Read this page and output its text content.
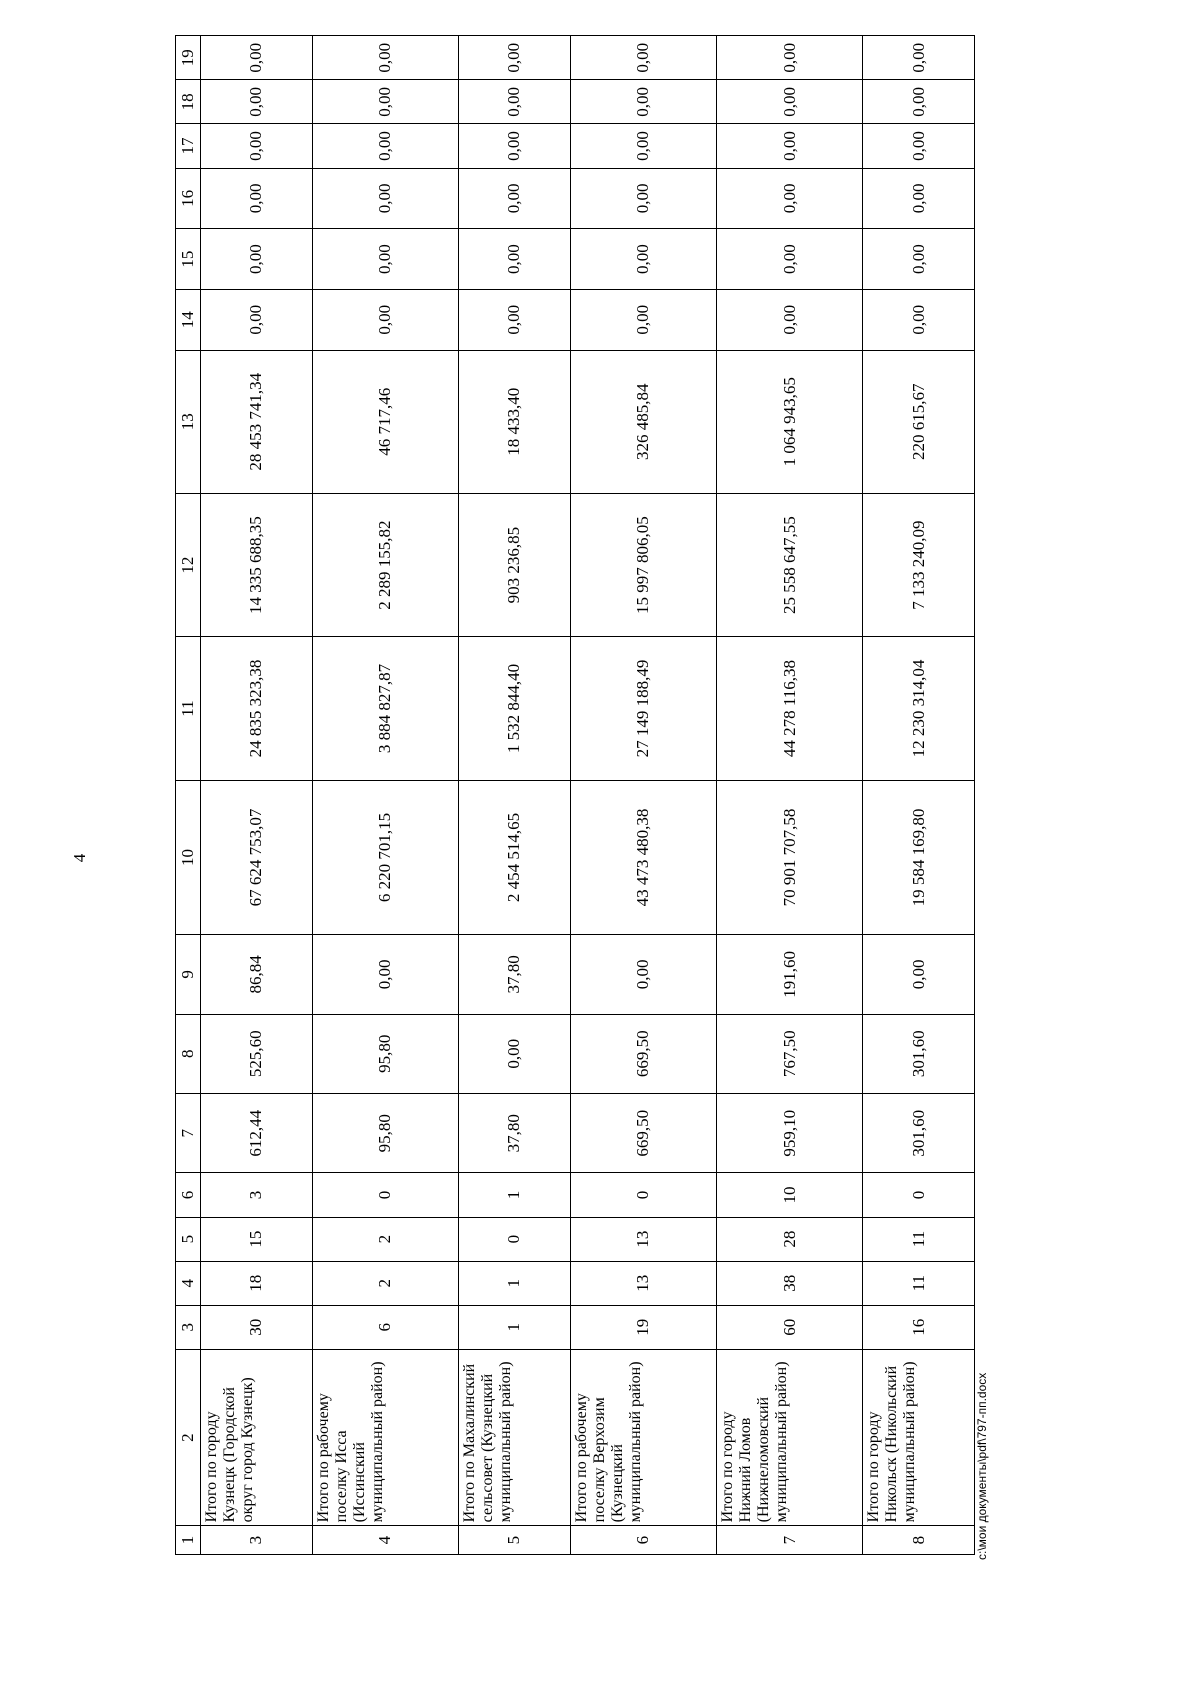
4
1	2	3	4	5	6	7	8	9	10	11	12	13	14	15	16	17	18	19
3	Итого по городу Кузнецк (Городской округ город Кузнецк)	30	18	15	3	612,44	525,60	86,84	67 624 753,07	24 835 323,38	14 335 688,35	28 453 741,34	0,00	0,00	0,00	0,00	0,00	0,00
4	Итого по рабочему поселку Исса (Иссинский муниципальный район)	6	2	2	0	95,80	95,80	0,00	6 220 701,15	3 884 827,87	2 289 155,82	46 717,46	0,00	0,00	0,00	0,00	0,00	0,00
5	Итого по Махалинский сельсовет (Кузнецкий муниципальный район)	1	1	0	1	37,80	0,00	37,80	2 454 514,65	1 532 844,40	903 236,85	18 433,40	0,00	0,00	0,00	0,00	0,00	0,00
6	Итого по рабочему поселку Верхозим (Кузнецкий муниципальный район)	19	13	13	0	669,50	669,50	0,00	43 473 480,38	27 149 188,49	15 997 806,05	326 485,84	0,00	0,00	0,00	0,00	0,00	0,00
7	Итого по городу Нижний Ломов (Нижнеломовский муниципальный район)	60	38	28	10	959,10	767,50	191,60	70 901 707,58	44 278 116,38	25 558 647,55	1 064 943,65	0,00	0,00	0,00	0,00	0,00	0,00
8	Итого по городу Никольск (Никольский муниципальный район)	16	11	11	0	301,60	301,60	0,00	19 584 169,80	12 230 314,04	7 133 240,09	220 615,67	0,00	0,00	0,00	0,00	0,00	0,00
c:\мои документы\pdf\797-пп.docx
